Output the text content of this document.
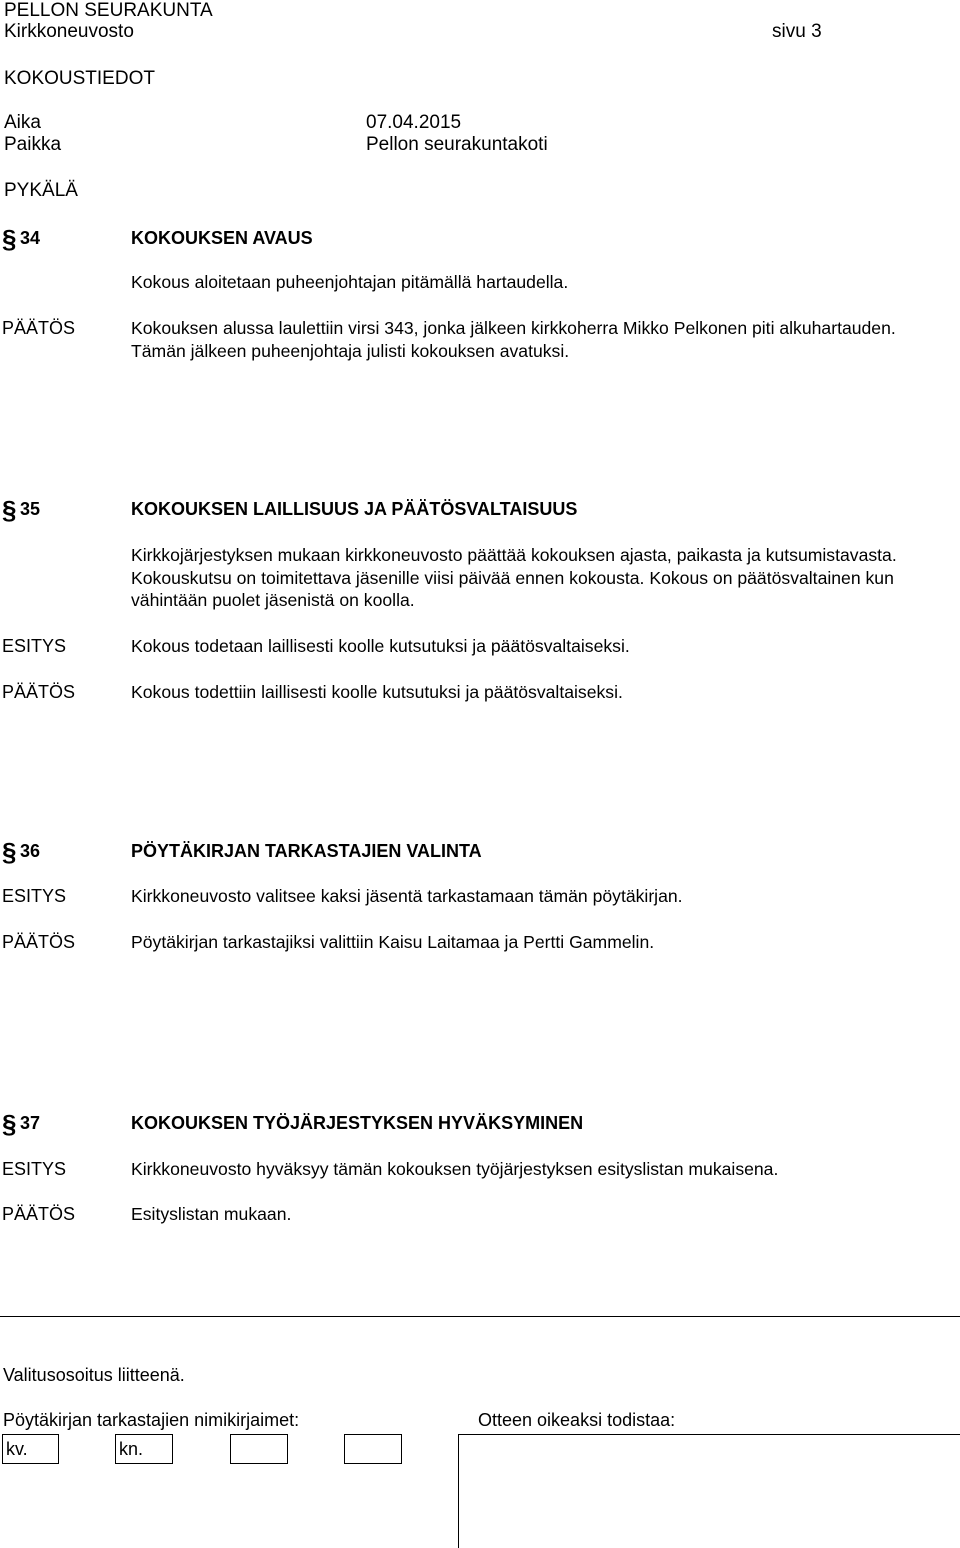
PELLON SEURAKUNTA
Kirkkoneuvosto	sivu 3
KOKOUSTIEDOT
Aika	07.04.2015
Paikka	Pellon seurakuntakoti
PYKÄLÄ
§ 34	KOKOUKSEN AVAUS
Kokous aloitetaan puheenjohtajan pitämällä hartaudella.
PÄÄTÖS	Kokouksen alussa laulettiin virsi 343, jonka jälkeen kirkkoherra Mikko Pelkonen piti alkuhartauden. Tämän jälkeen puheenjohtaja julisti kokouksen avatuksi.
§ 35	KOKOUKSEN LAILLISUUS JA PÄÄTÖSVALTAISUUS
Kirkkojärjestyksen mukaan kirkkoneuvosto päättää kokouksen ajasta, paikasta ja kutsumistavasta. Kokouskutsu on toimitettava jäsenille viisi päivää ennen kokousta. Kokous on päätösvaltainen kun vähintään puolet jäsenistä on koolla.
ESITYS	Kokous todetaan laillisesti koolle kutsutuksi ja päätösvaltaiseksi.
PÄÄTÖS	Kokous todettiin laillisesti koolle kutsutuksi ja päätösvaltaiseksi.
§ 36	PÖYTÄKIRJAN TARKASTAJIEN VALINTA
ESITYS	Kirkkoneuvosto valitsee kaksi jäsentä tarkastamaan tämän pöytäkirjan.
PÄÄTÖS	Pöytäkirjan tarkastajiksi valittiin Kaisu Laitamaa ja Pertti Gammelin.
§ 37	KOKOUKSEN TYÖJÄRJESTYKSEN HYVÄKSYMINEN
ESITYS	Kirkkoneuvosto hyväksyy tämän kokouksen työjärjestyksen esityslistan mukaisena.
PÄÄTÖS	Esityslistan mukaan.
Valitusosoitus liitteenä.
Pöytäkirjan tarkastajien nimikirjaimet:	Otteen oikeaksi todistaa:
kv.	kn.
